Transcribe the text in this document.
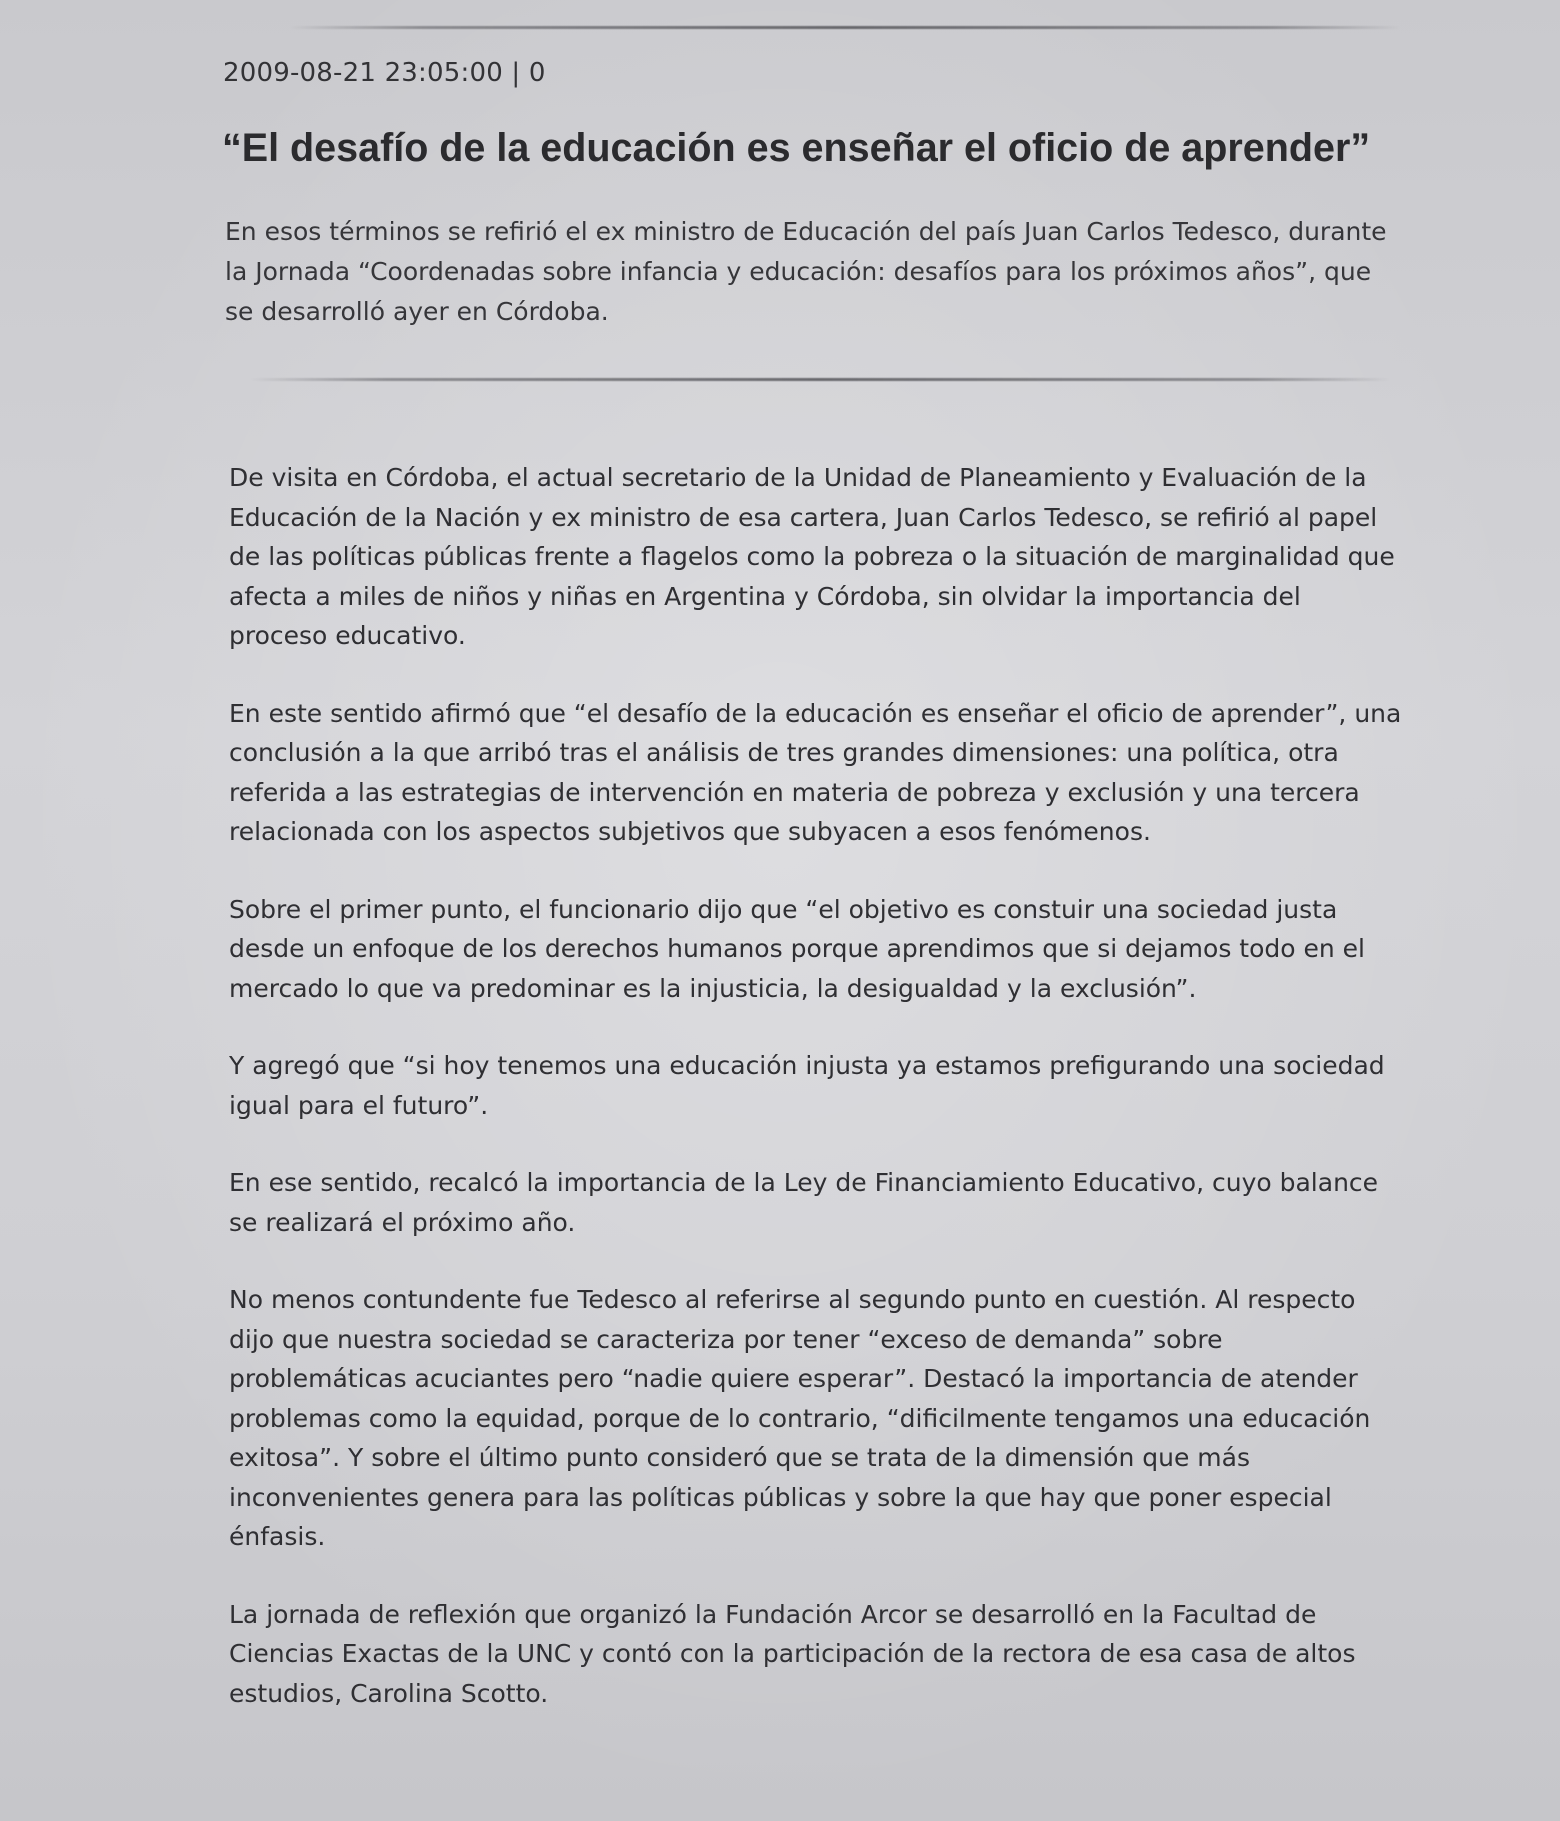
2009-08-21 23:05:00 | 0
“El desafío de la educación es enseñar el oficio de aprender”

En esos términos se refirió el ex ministro de Educación del país Juan Carlos Tedesco, durante la Jornada “Coordenadas sobre infancia y educación: desafíos para los próximos años”, que se desarrolló ayer en Córdoba.

De visita en Córdoba, el actual secretario de la Unidad de Planeamiento y Evaluación de la Educación de la Nación y ex ministro de esa cartera, Juan Carlos Tedesco, se refirió al papel de las políticas públicas frente a flagelos como la pobreza o la situación de marginalidad que afecta a miles de niños y niñas en Argentina y Córdoba, sin olvidar la importancia del proceso educativo.

En este sentido afirmó que “el desafío de la educación es enseñar el oficio de aprender”, una conclusión a la que arribó tras el análisis de tres grandes dimensiones: una política, otra referida a las estrategias de intervención en materia de pobreza y exclusión y una tercera relacionada con los aspectos subjetivos que subyacen a esos fenómenos.

Sobre el primer punto, el funcionario dijo que “el objetivo es constuir una sociedad justa desde un enfoque de los derechos humanos porque aprendimos que si dejamos todo en el mercado lo que va predominar es la injusticia, la desigualdad y la exclusión”.

Y agregó que “si hoy tenemos una educación injusta ya estamos prefigurando una sociedad igual para el futuro”.

En ese sentido, recalcó la importancia de la Ley de Financiamiento Educativo, cuyo balance se realizará el próximo año.

No menos contundente fue Tedesco al referirse al segundo punto en cuestión. Al respecto dijo que nuestra sociedad se caracteriza por tener “exceso de demanda” sobre problemáticas acuciantes pero “nadie quiere esperar”. Destacó la importancia de atender problemas como la equidad, porque de lo contrario, “dificilmente tengamos una educación exitosa”. Y sobre el último punto consideró que se trata de la dimensión que más inconvenientes genera para las políticas públicas y sobre la que hay que poner especial énfasis.

La jornada de reflexión que organizó la Fundación Arcor se desarrolló en la Facultad de Ciencias Exactas de la UNC y contó con la participación de la rectora de esa casa de altos estudios, Carolina Scotto.
